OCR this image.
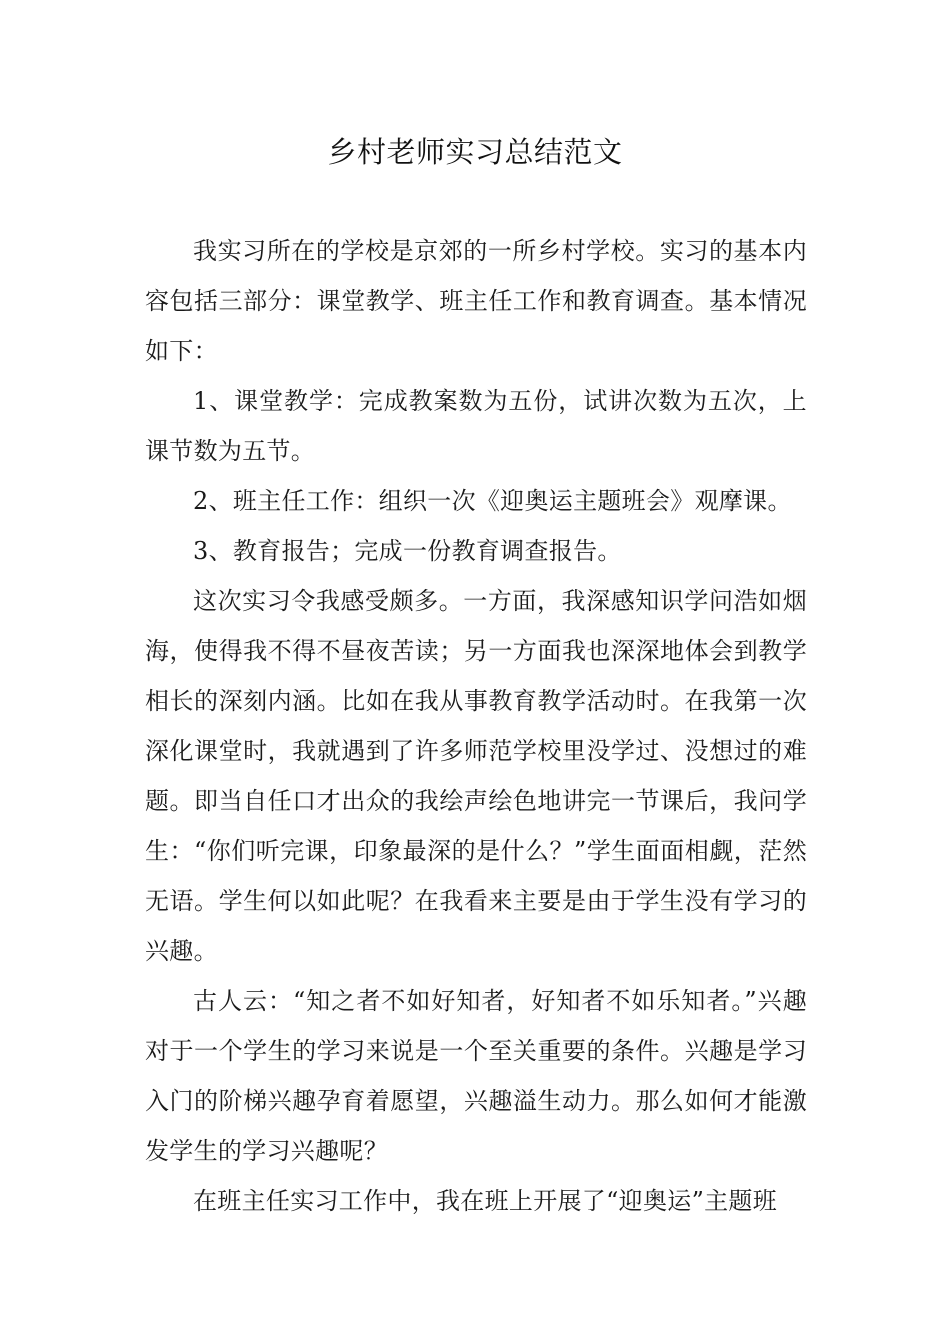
乡村老师实习总结范文

我实习所在的学校是京郊的一所乡村学校。实习的基本内容包括三部分：课堂教学、班主任工作和教育调查。基本情况如下：

1、课堂教学：完成教案数为五份，试讲次数为五次，上课节数为五节。

2、班主任工作：组织一次《迎奥运主题班会》观摩课。

3、教育报告；完成一份教育调查报告。

这次实习令我感受颇多。一方面，我深感知识学问浩如烟海，使得我不得不昼夜苦读；另一方面我也深深地体会到教学相长的深刻内涵。比如在我从事教育教学活动时。在我第一次深化课堂时，我就遇到了许多师范学校里没学过、没想过的难题。即当自任口才出众的我绘声绘色地讲完一节课后，我问学生：“你们听完课，印象最深的是什么？”学生面面相觑，茫然无语。学生何以如此呢？在我看来主要是由于学生没有学习的兴趣。

古人云：“知之者不如好知者，好知者不如乐知者。”兴趣对于一个学生的学习来说是一个至关重要的条件。兴趣是学习入门的阶梯兴趣孕育着愿望，兴趣溢生动力。那么如何才能激发学生的学习兴趣呢？

在班主任实习工作中，我在班上开展了“迎奥运”主题班
